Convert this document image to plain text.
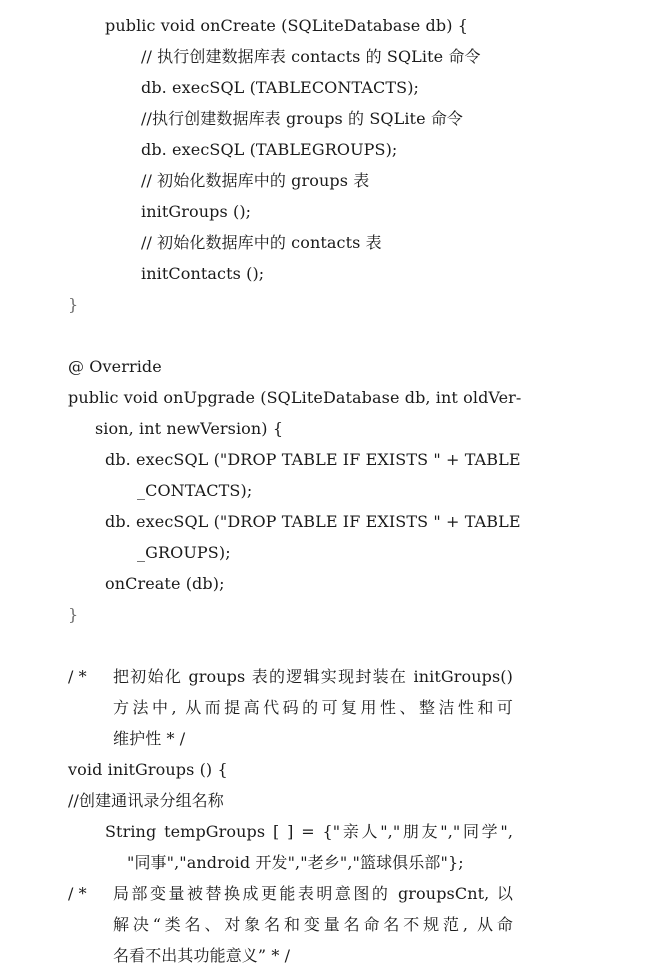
public void onCreate (SQLiteDatabase db) {
// 执行创建数据库表 contacts 的 SQLite 命令
db. execSQL (TABLECONTACTS);
//执行创建数据库表 groups 的 SQLite 命令
db. execSQL (TABLEGROUPS);
// 初始化数据库中的 groups 表
initGroups ();
// 初始化数据库中的 contacts 表
initContacts ();
}
@ Override
public void onUpgrade (SQLiteDatabase db, int oldVer-
sion, int newVersion) {
db. execSQL ("DROP TABLE IF EXISTS " + TABLE
_CONTACTS);
db. execSQL ("DROP TABLE IF EXISTS " + TABLE
_GROUPS);
onCreate (db);
}
/ * 把初始化 groups 表的逻辑实现封装在 initGroups()
方法中, 从而提高代码的可复用性、整洁性和可
维护性 * /
void initGroups () {
//创建通讯录分组名称
String tempGroups [ ] = {"亲人","朋友","同学",
"同事","android 开发","老乡","篮球俱乐部"};
/ * 局部变量被替换成更能表明意图的 groupsCnt, 以
解决“类名、对象名和变量名命名不规范, 从命
名看不出其功能意义” * /
